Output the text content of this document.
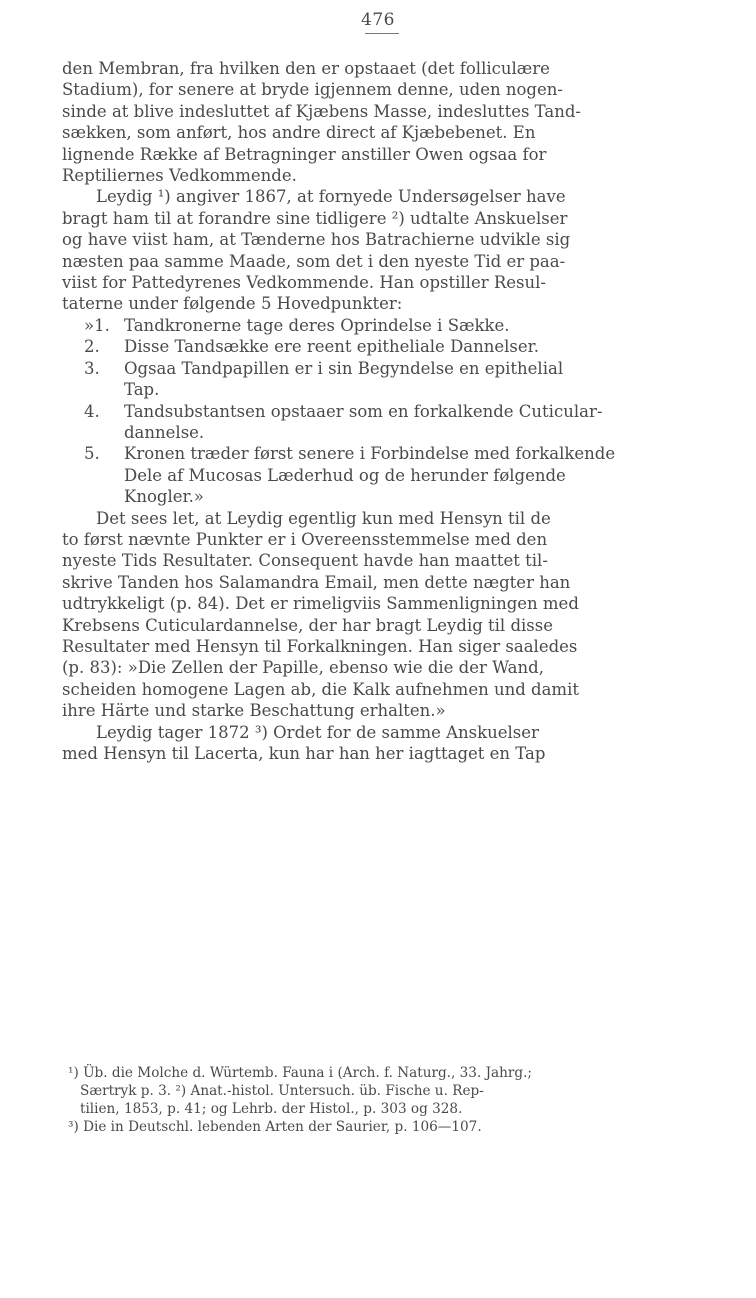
476
den Membran, fra hvilken den er opstaaet (det folliculære
Stadium), for senere at bryde igjennem denne, uden nogen-
sinde at blive indesluttet af Kjæbens Masse, indesluttes Tand-
sækken, som anført, hos andre direct af Kjæbebenet. En
lignende Række af Betragninger anstiller Owen ogsaa for
Reptiliernes Vedkommende.
Leydig ¹) angiver 1867, at fornyede Undersøgelser have
bragt ham til at forandre sine tidligere ²) udtalte Anskuelser
og have viist ham, at Tænderne hos Batrachierne udvikle sig
næsten paa samme Maade, som det i den nyeste Tid er paa-
viist for Pattedyrenes Vedkommende. Han opstiller Resul-
taterne under følgende 5 Hovedpunkter:
»1. Tandkronerne tage deres Oprindelse i Sække.
2. Disse Tandsække ere reent epitheliale Dannelser.
3. Ogsaa Tandpapillen er i sin Begyndelse en epithelial
Tap.
4. Tandsubstantsen opstaaer som en forkalkende Cuticular-
dannelse.
5. Kronen træder først senere i Forbindelse med forkalkende
Dele af Mucosas Læderhud og de herunder følgende
Knogler.»
Det sees let, at Leydig egentlig kun med Hensyn til de
to først nævnte Punkter er i Overeensstemmelse med den
nyeste Tids Resultater. Consequent havde han maattet til-
skrive Tanden hos Salamandra Email, men dette nægter han
udtrykkeligt (p. 84). Det er rimeligviis Sammenligningen med
Krebsens Cuticulardannelse, der har bragt Leydig til disse
Resultater med Hensyn til Forkalkningen. Han siger saaledes
(p. 83): »Die Zellen der Papille, ebenso wie die der Wand,
scheiden homogene Lagen ab, die Kalk aufnehmen und damit
ihre Härte und starke Beschattung erhalten.»
Leydig tager 1872 ³) Ordet for de samme Anskuelser
med Hensyn til Lacerta, kun har han her iagttaget en Tap
¹) Üb. die Molche d. Würtemb. Fauna i (Arch. f. Naturg., 33. Jahrg.;
Særtryk p. 3. ²) Anat.-histol. Untersuch. üb. Fische u. Rep-
tilien, 1853, p. 41; og Lehrb. der Histol., p. 303 og 328.
³) Die in Deutschl. lebenden Arten der Saurier, p. 106—107.
